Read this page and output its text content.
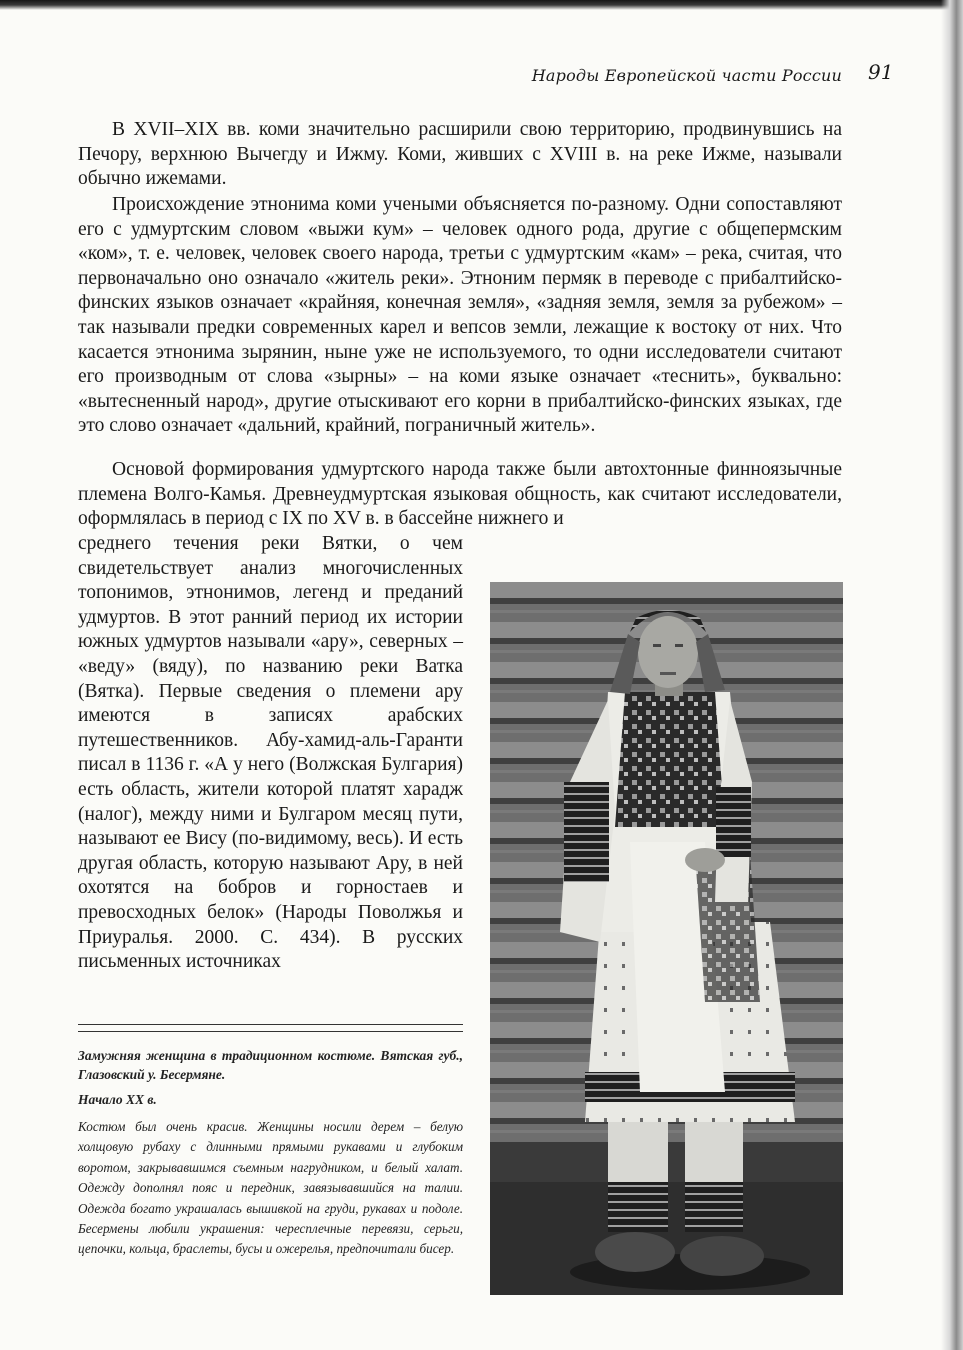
Народы Европейской части России 91

В XVII–XIX вв. коми значительно расширили свою территорию, продвинувшись на Печору, верхнюю Вычегду и Ижму. Коми, живших с XVIII в. на реке Ижме, называли обычно ижемами.

Происхождение этнонима коми учеными объясняется по-разному. Одни сопоставляют его с удмуртским словом «выжи кум» – человек одного рода, другие с общепермским «ком», т. е. человек, человек своего народа, третьи с удмуртским «кам» – река, считая, что первоначально оно означало «житель реки». Этноним пермяк в переводе с прибалтийско-финских языков означает «крайняя, конечная земля», «задняя земля, земля за рубежом» – так называли предки современных карел и вепсов земли, лежащие к востоку от них. Что касается этнонима зырянин, ныне уже не используемого, то одни исследователи считают его производным от слова «зырны» – на коми языке означает «теснить», буквально: «вытесненный народ», другие отыскивают его корни в прибалтийско-финских языках, где это слово означает «дальний, крайний, пограничный житель».

Основой формирования удмуртского народа также были автохтонные финноязычные племена Волго-Камья. Древнеудмуртская языковая общность, как считают исследователи, оформлялась в период с IX по XV в. в бассейне нижнего и

среднего течения реки Вятки, о чем свидетельствует анализ многочисленных топонимов, этнонимов, легенд и преданий удмуртов. В этот ранний период их истории южных удмуртов называли «ару», северных – «веду» (вяду), по названию реки Ватка (Вятка). Первые сведения о племени ару имеются в записях арабских путешественников. Абу-хамид-аль-Гаранти писал в 1136 г. «А у него (Волжская Булгария) есть область, жители которой платят харадж (налог), между ними и Булгаром месяц пути, называют ее Вису (по-видимому, весь). И есть другая область, которую называют Ару, в ней охотятся на бобров и горностаев и превосходных белок» (Народы Поволжья и Приуралья. 2000. С. 434). В русских письменных источниках

Замужняя женщина в традиционном костюме. Вятская губ., Глазовский у. Бесермяне.

Начало XX в.

Костюм был очень красив. Женщины носили дерем – белую холщовую рубаху с длинными прямыми рукавами и глубоким воротом, закрывавшимся съемным нагрудником, и белый халат. Одежду дополнял пояс и передник, завязывавшийся на талии. Одежда богато украшалась вышивкой на груди, рукавах и подоле. Бесермены любили украшения: чересплечные перевязи, серьги, цепочки, кольца, браслеты, бусы и ожерелья, предпочитали бисер.
